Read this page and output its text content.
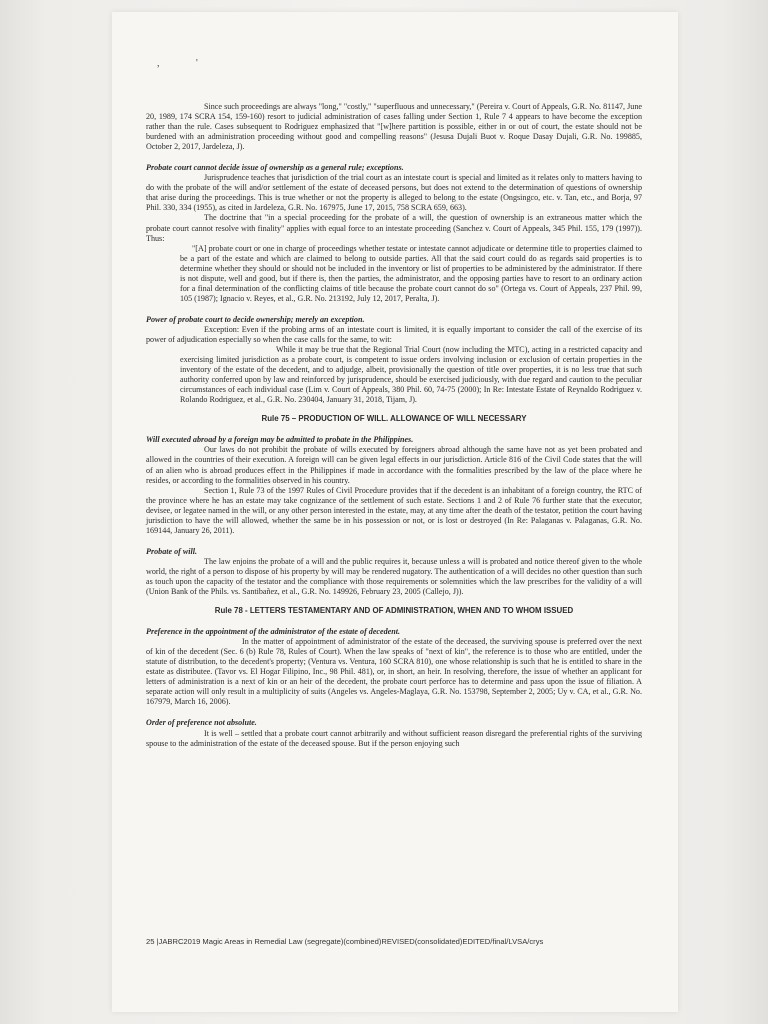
,	'

Since such proceedings are always "long," "costly," "superfluous and unnecessary," (Pereira v. Court of Appeals, G.R. No. 81147, June 20, 1989, 174 SCRA 154, 159-160) resort to judicial administration of cases falling under Section 1, Rule 7 4 appears to have become the exception rather than the rule. Cases subsequent to Rodriguez emphasized that "[w]here partition is possible, either in or out of court, the estate should not be burdened with an administration proceeding without good and compelling reasons" (Jesusa Dujali Buot v. Roque Dasay Dujali, G.R. No. 199885, October 2, 2017, Jardeleza, J).

Probate court cannot decide issue of ownership as a general rule; exceptions.

Jurisprudence teaches that jurisdiction of the trial court as an intestate court is special and limited as it relates only to matters having to do with the probate of the will and/or settlement of the estate of deceased persons, but does not extend to the determination of questions of ownership that arise during the proceedings. This is true whether or not the property is alleged to belong to the estate (Ongsingco, etc. v. Tan, etc., and Borja, 97 Phil. 330, 334 (1955), as cited in Jardeleza, G.R. No. 167975, June 17, 2015, 758 SCRA 659, 663).

The doctrine that "in a special proceeding for the probate of a will, the question of ownership is an extraneous matter which the probate court cannot resolve with finality" applies with equal force to an intestate proceeding (Sanchez v. Court of Appeals, 345 Phil. 155, 179 (1997)). Thus:

"[A] probate court or one in charge of proceedings whether testate or intestate cannot adjudicate or determine title to properties claimed to be a part of the estate and which are claimed to belong to outside parties. All that the said court could do as regards said properties is to determine whether they should or should not be included in the inventory or list of properties to be administered by the administrator. If there is not dispute, well and good, but if there is, then the parties, the administrator, and the opposing parties have to resort to an ordinary action for a final determination of the conflicting claims of title because the probate court cannot do so" (Ortega vs. Court of Appeals, 237 Phil. 99, 105 (1987); Ignacio v. Reyes, et al., G.R. No. 213192, July 12, 2017, Peralta, J).

Power of probate court to decide ownership; merely an exception.

Exception: Even if the probing arms of an intestate court is limited, it is equally important to consider the call of the exercise of its power of adjudication especially so when the case calls for the same, to wit:

While it may be true that the Regional Trial Court (now including the MTC), acting in a restricted capacity and exercising limited jurisdiction as a probate court, is competent to issue orders involving inclusion or exclusion of certain properties in the inventory of the estate of the decedent, and to adjudge, albeit, provisionally the question of title over properties, it is no less true that such authority conferred upon by law and reinforced by jurisprudence, should be exercised judiciously, with due regard and caution to the peculiar circumstances of each individual case (Lim v. Court of Appeals, 380 Phil. 60, 74-75 (2000); In Re: Intestate Estate of Reynaldo Rodriguez v. Rolando Rodriguez, et al., G.R. No. 230404, January 31, 2018, Tijam, J).

Rule 75 – PRODUCTION OF WILL. ALLOWANCE OF WILL NECESSARY

Will executed abroad by a foreign may be admitted to probate in the Philippines.

Our laws do not prohibit the probate of wills executed by foreigners abroad although the same have not as yet been probated and allowed in the countries of their execution. A foreign will can be given legal effects in our jurisdiction. Article 816 of the Civil Code states that the will of an alien who is abroad produces effect in the Philippines if made in accordance with the formalities prescribed by the law of the place where he resides, or according to the formalities observed in his country.

Section 1, Rule 73 of the 1997 Rules of Civil Procedure provides that if the decedent is an inhabitant of a foreign country, the RTC of the province where he has an estate may take cognizance of the settlement of such estate. Sections 1 and 2 of Rule 76 further state that the executor, devisee, or legatee named in the will, or any other person interested in the estate, may, at any time after the death of the testator, petition the court having jurisdiction to have the will allowed, whether the same be in his possession or not, or is lost or destroyed (In Re: Palaganas v. Palaganas, G.R. No. 169144, January 26, 2011).

Probate of will.

The law enjoins the probate of a will and the public requires it, because unless a will is probated and notice thereof given to the whole world, the right of a person to dispose of his property by will may be rendered nugatory. The authentication of a will decides no other question than such as touch upon the capacity of the testator and the compliance with those requirements or solemnities which the law prescribes for the validity of a will (Union Bank of the Phils. vs. Santibañez, et al., G.R. No. 149926, February 23, 2005 (Callejo, J)).

Rule 78 - LETTERS TESTAMENTARY AND OF ADMINISTRATION, WHEN AND TO WHOM ISSUED

Preference in the appointment of the administrator of the estate of decedent.

In the matter of appointment of administrator of the estate of the deceased, the surviving spouse is preferred over the next of kin of the decedent (Sec. 6 (b) Rule 78, Rules of Court). When the law speaks of "next of kin", the reference is to those who are entitled, under the statute of distribution, to the decedent's property; (Ventura vs. Ventura, 160 SCRA 810), one whose relationship is such that he is entitled to share in the estate as distributee. (Tavor vs. El Hogar Filipino, Inc., 98 Phil. 481), or, in short, an heir. In resolving, therefore, the issue of whether an applicant for letters of administration is a next of kin or an heir of the decedent, the probate court perforce has to determine and pass upon the issue of filiation. A separate action will only result in a multiplicity of suits (Angeles vs. Angeles-Maglaya, G.R. No. 153798, September 2, 2005; Uy v. CA, et al., G.R. No. 167979, March 16, 2006).

Order of preference not absolute.

It is well – settled that a probate court cannot arbitrarily and without sufficient reason disregard the preferential rights of the surviving spouse to the administration of the estate of the deceased spouse. But if the person enjoying such

25 |JABRC2019 Magic Areas in Remedial Law (segregate)(combined)REVISED(consolidated)EDITED/final/LVSA/crys
